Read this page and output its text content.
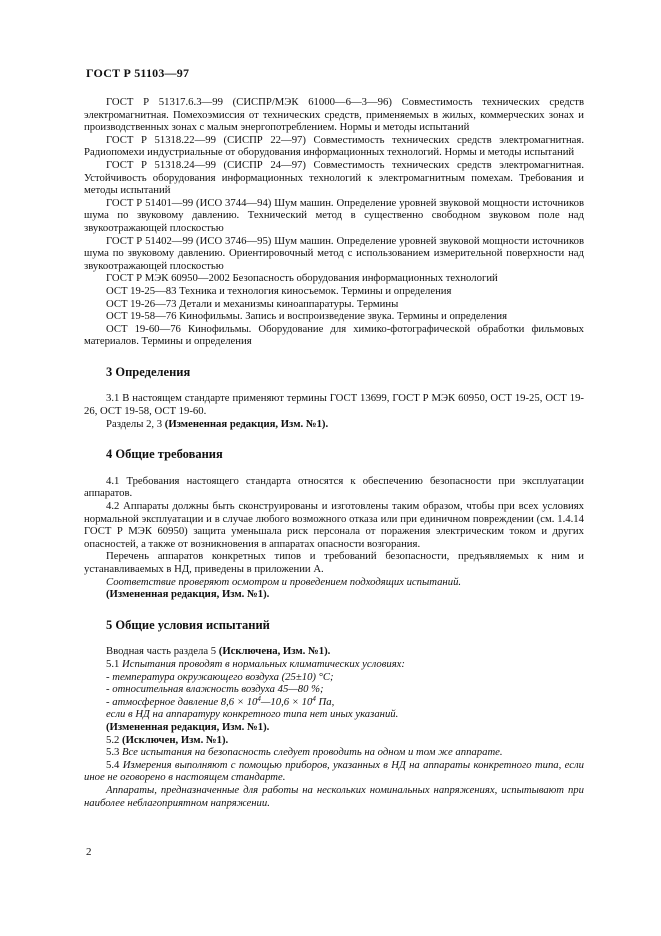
ГОСТ Р 51103—97

ГОСТ Р 51317.6.3—99 (СИСПР/МЭК 61000—6—3—96) Совместимость технических средств электромагнитная. Помехоэмиссия от технических средств, применяемых в жилых, коммерческих зонах и производственных зонах с малым энергопотреблением. Нормы и методы испытаний

ГОСТ Р 51318.22—99 (СИСПР 22—97) Совместимость технических средств электромагнитная. Радиопомехи индустриальные от оборудования информационных технологий. Нормы и методы испытаний

ГОСТ Р 51318.24—99 (СИСПР 24—97) Совместимость технических средств электромагнитная. Устойчивость оборудования информационных технологий к электромагнитным помехам. Требования и методы испытаний

ГОСТ Р 51401—99 (ИСО 3744—94) Шум машин. Определение уровней звуковой мощности источников шума по звуковому давлению. Технический метод в существенно свободном звуковом поле над звукоотражающей плоскостью

ГОСТ Р 51402—99 (ИСО 3746—95) Шум машин. Определение уровней звуковой мощности источников шума по звуковому давлению. Ориентировочный метод с использованием измерительной поверхности над звукоотражающей плоскостью

ГОСТ Р МЭК 60950—2002 Безопасность оборудования информационных технологий

ОСТ 19-25—83 Техника и технология киносъемок. Термины и определения

ОСТ 19-26—73 Детали и механизмы киноаппаратуры. Термины

ОСТ 19-58—76 Кинофильмы. Запись и воспроизведение звука. Термины и определения

ОСТ 19-60—76 Кинофильмы. Оборудование для химико-фотографической обработки фильмовых материалов. Термины и определения

3 Определения

3.1 В настоящем стандарте применяют термины ГОСТ 13699, ГОСТ Р МЭК 60950, ОСТ 19-25, ОСТ 19-26, ОСТ 19-58, ОСТ 19-60.

Разделы 2, 3 (Измененная редакция, Изм. №1).

4 Общие требования

4.1 Требования настоящего стандарта относятся к обеспечению безопасности при эксплуатации аппаратов.

4.2 Аппараты должны быть сконструированы и изготовлены таким образом, чтобы при всех условиях нормальной эксплуатации и в случае любого возможного отказа или при единичном повреждении (см. 1.4.14 ГОСТ Р МЭК 60950) защита уменьшала риск персонала от поражения электрическим током и других опасностей, а также от возникновения в аппаратах опасности возгорания.

Перечень аппаратов конкретных типов и требований безопасности, предъявляемых к ним и устанавливаемых в НД, приведены в приложении А.

Соответствие проверяют осмотром и проведением подходящих испытаний.

(Измененная редакция, Изм. №1).

5 Общие условия испытаний

Вводная часть раздела 5 (Исключена, Изм. №1).

5.1 Испытания проводят в нормальных климатических условиях:

- температура окружающего воздуха (25±10) °С;

- относительная влажность воздуха 45—80 %;

- атмосферное давление $8,6 \times 10^4—10,6 \times 10^4$ Па,

если в НД на аппаратуру конкретного типа нет иных указаний.

(Измененная редакция, Изм. №1).

5.2 (Исключен, Изм. №1).

5.3 Все испытания на безопасность следует проводить на одном и том же аппарате.

5.4 Измерения выполняют с помощью приборов, указанных в НД на аппараты конкретного типа, если иное не оговорено в настоящем стандарте.

Аппараты, предназначенные для работы на нескольких номинальных напряжениях, испытывают при наиболее неблагоприятном напряжении.

2
